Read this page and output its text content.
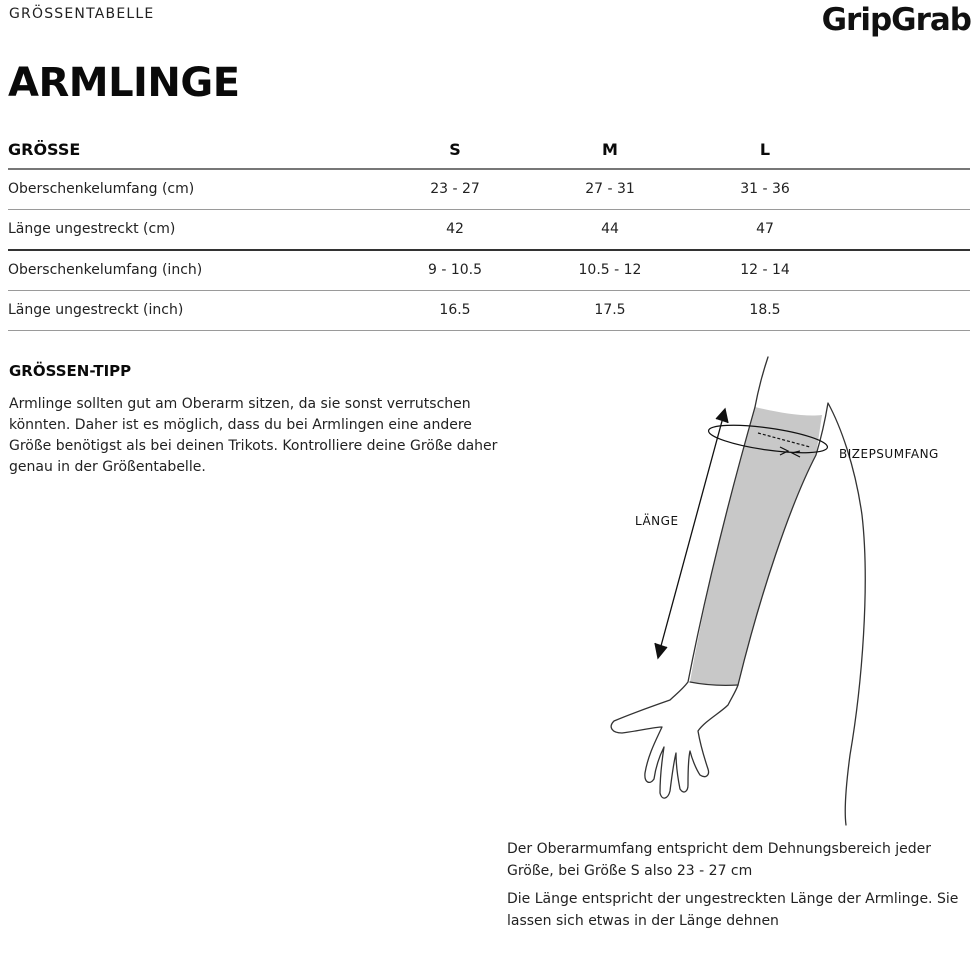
GRÖSSENTABELLE	GripGrab
ARMLINGE
GRÖSSE	S	M	L
Oberschenkelumfang (cm)	23 - 27	27 - 31	31 - 36
Länge ungestreckt (cm)	42	44	47
Oberschenkelumfang (inch)	9 - 10.5	10.5 - 12	12 - 14
Länge ungestreckt (inch)	16.5	17.5	18.5
GRÖSSEN-TIPP
Armlinge sollten gut am Oberarm sitzen, da sie sonst verrutschen könnten. Daher ist es möglich, dass du bei Armlingen eine andere Größe benötigst als bei deinen Trikots. Kontrolliere deine Größe daher genau in der Größentabelle.
LÄNGE
BIZEPSUMFANG
Der Oberarmumfang entspricht dem Dehnungsbereich jeder Größe, bei Größe S also 23 - 27 cm
Die Länge entspricht der ungestreckten Länge der Armlinge. Sie lassen sich etwas in der Länge dehnen
